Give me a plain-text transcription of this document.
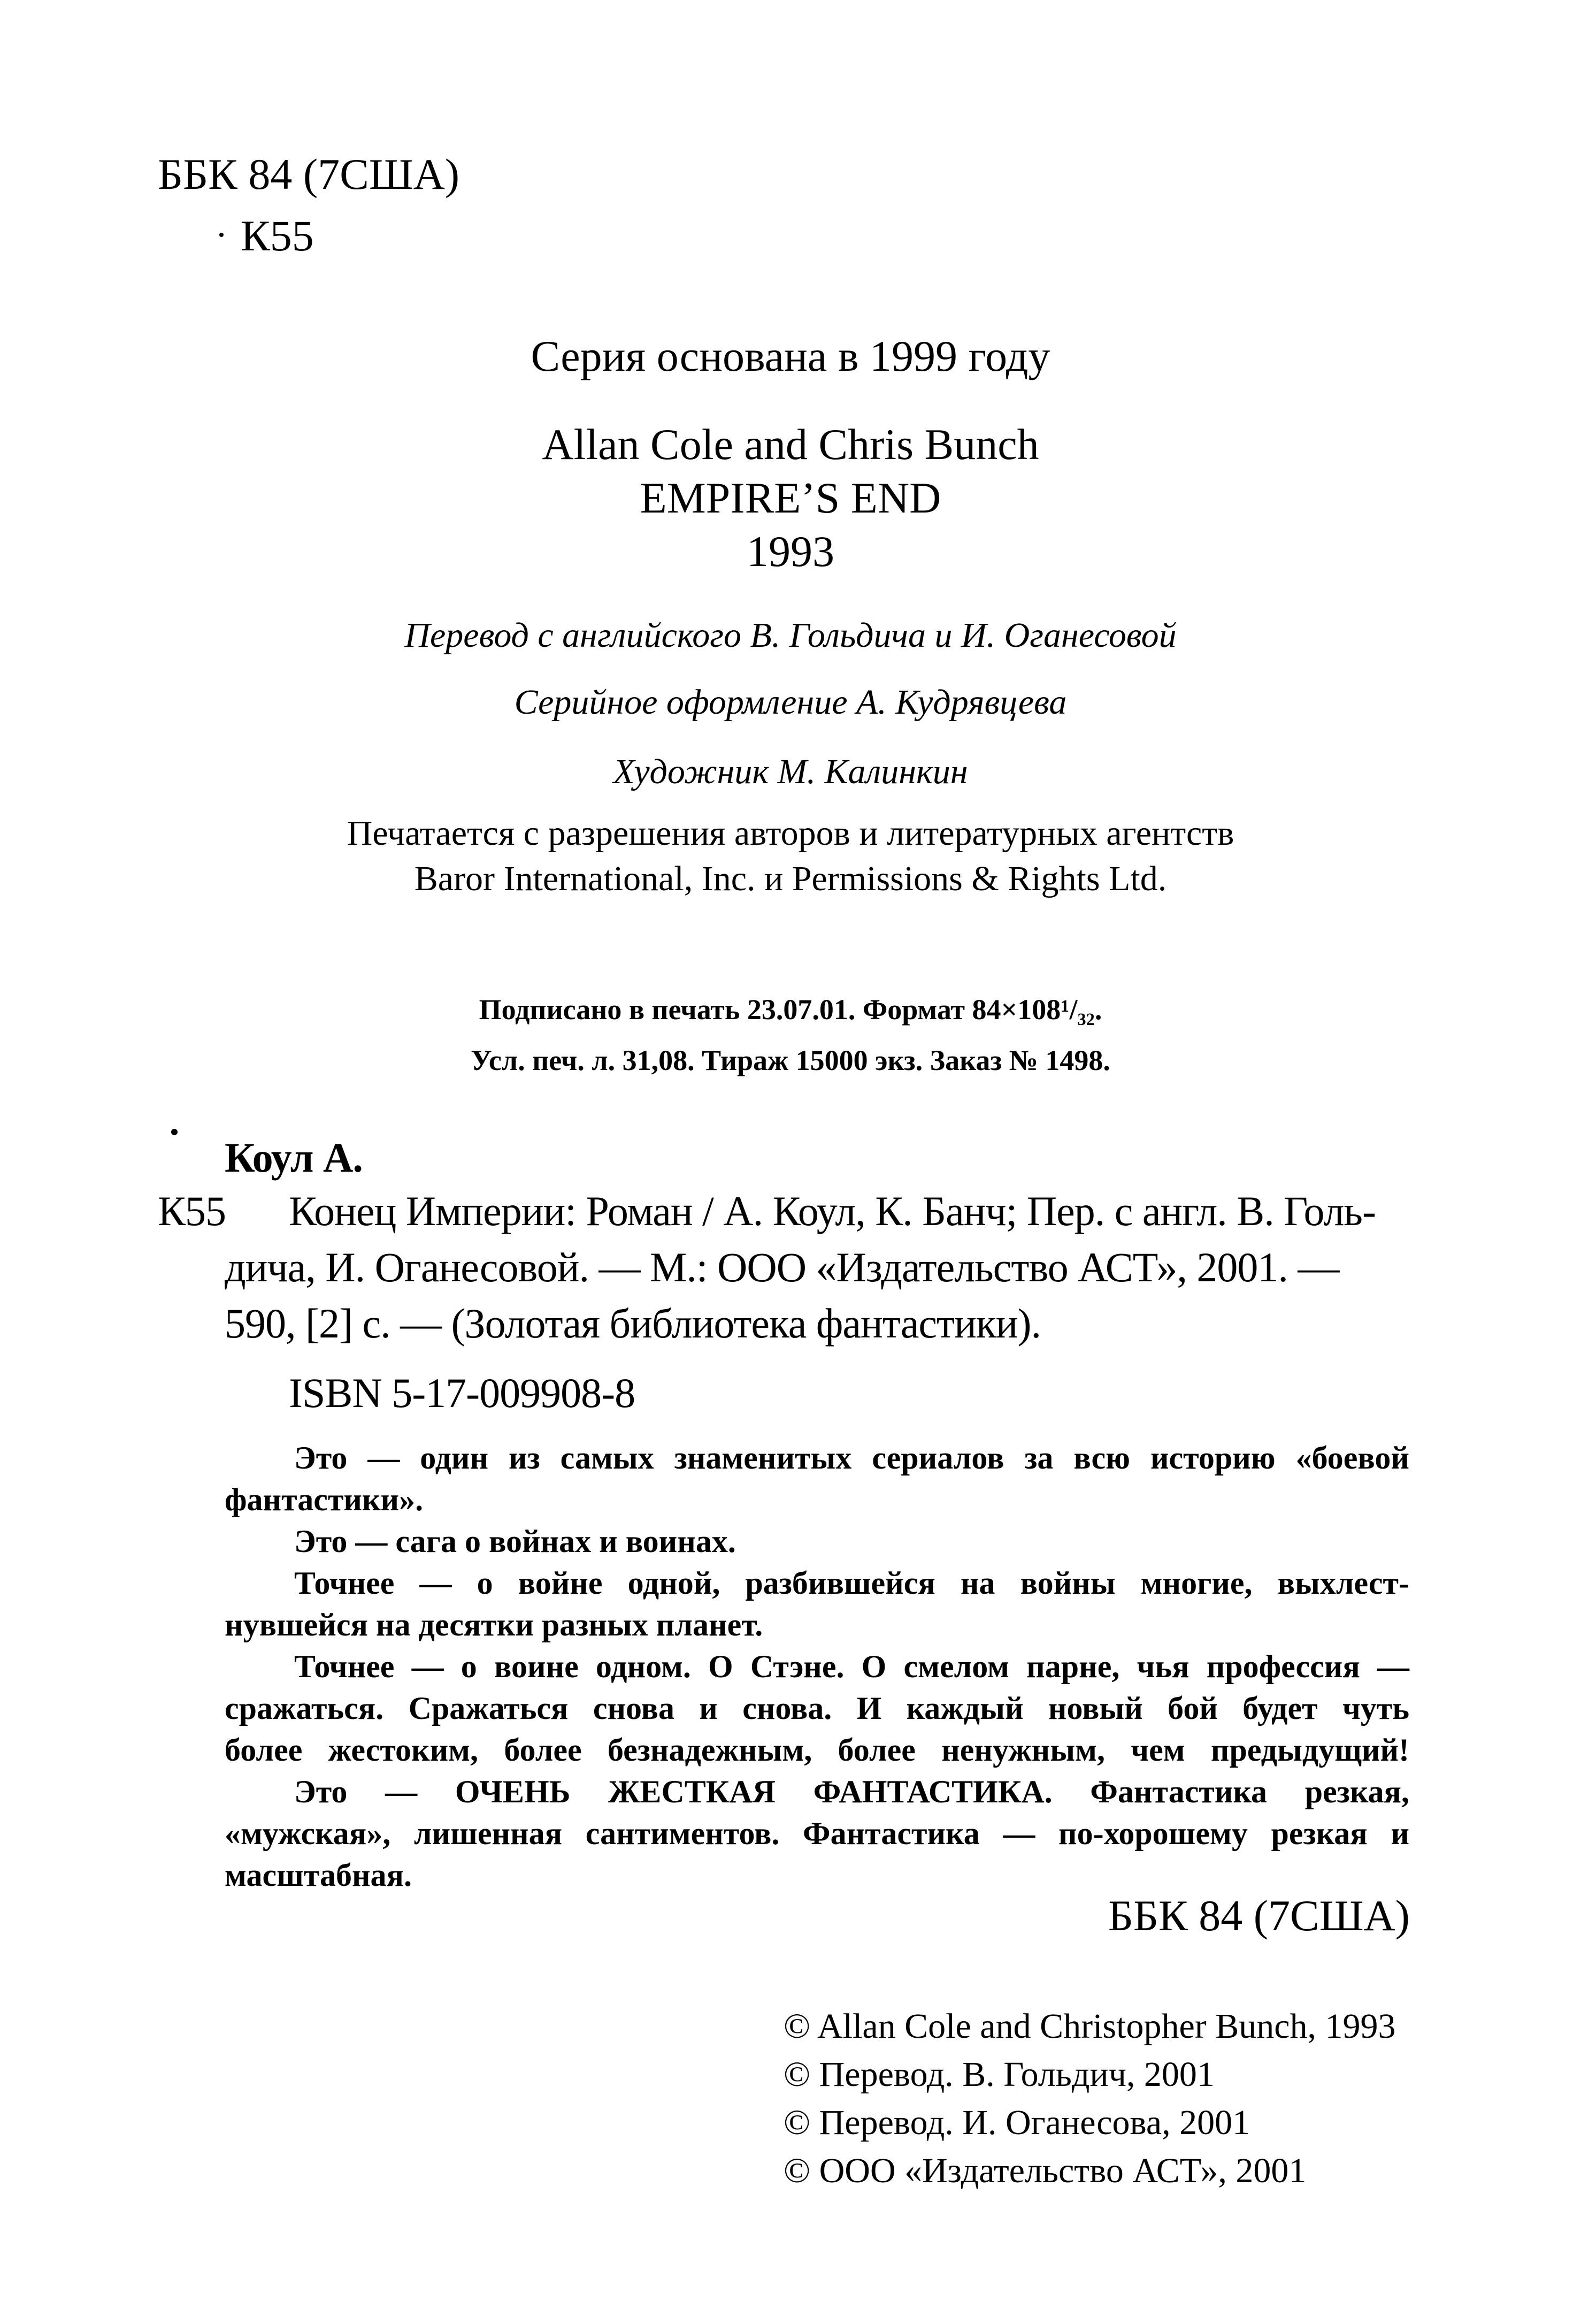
ББК 84 (7США)
К55
Серия основана в 1999 году
Allan Cole and Chris Bunch
EMPIRE’S END
1993
Перевод с английского В. Гольдича и И. Оганесовой
Серийное оформление А. Кудрявцева
Художник М. Калинкин
Печатается с разрешения авторов и литературных агентств
Baror International, Inc. и Permissions & Rights Ltd.
Подписано в печать 23.07.01. Формат 84×108¹/₃₂.
Усл. печ. л. 31,08. Тираж 15000 экз. Заказ № 1498.
Коул А.
К55 Конец Империи: Роман / А. Коул, К. Банч; Пер. с англ. В. Голь-
дича, И. Оганесовой. — М.: ООО «Издательство АСТ», 2001. —
590, [2] с. — (Золотая библиотека фантастики).
ISBN 5-17-009908-8
Это — один из самых знаменитых сериалов за всю историю «боевой
фантастики».
Это — сага о войнах и воинах.
Точнее — о войне одной, разбившейся на войны многие, выхлест-
нувшейся на десятки разных планет.
Точнее — о воине одном. О Стэне. О смелом парне, чья профессия —
сражаться. Сражаться снова и снова. И каждый новый бой будет чуть
более жестоким, более безнадежным, более ненужным, чем предыдущий!
Это — ОЧЕНЬ ЖЕСТКАЯ ФАНТАСТИКА. Фантастика резкая,
«мужская», лишенная сантиментов. Фантастика — по-хорошему резкая и
масштабная.
ББК 84 (7США)
© Allan Cole and Christopher Bunch, 1993
© Перевод. В. Гольдич, 2001
© Перевод. И. Оганесова, 2001
© ООО «Издательство АСТ», 2001
